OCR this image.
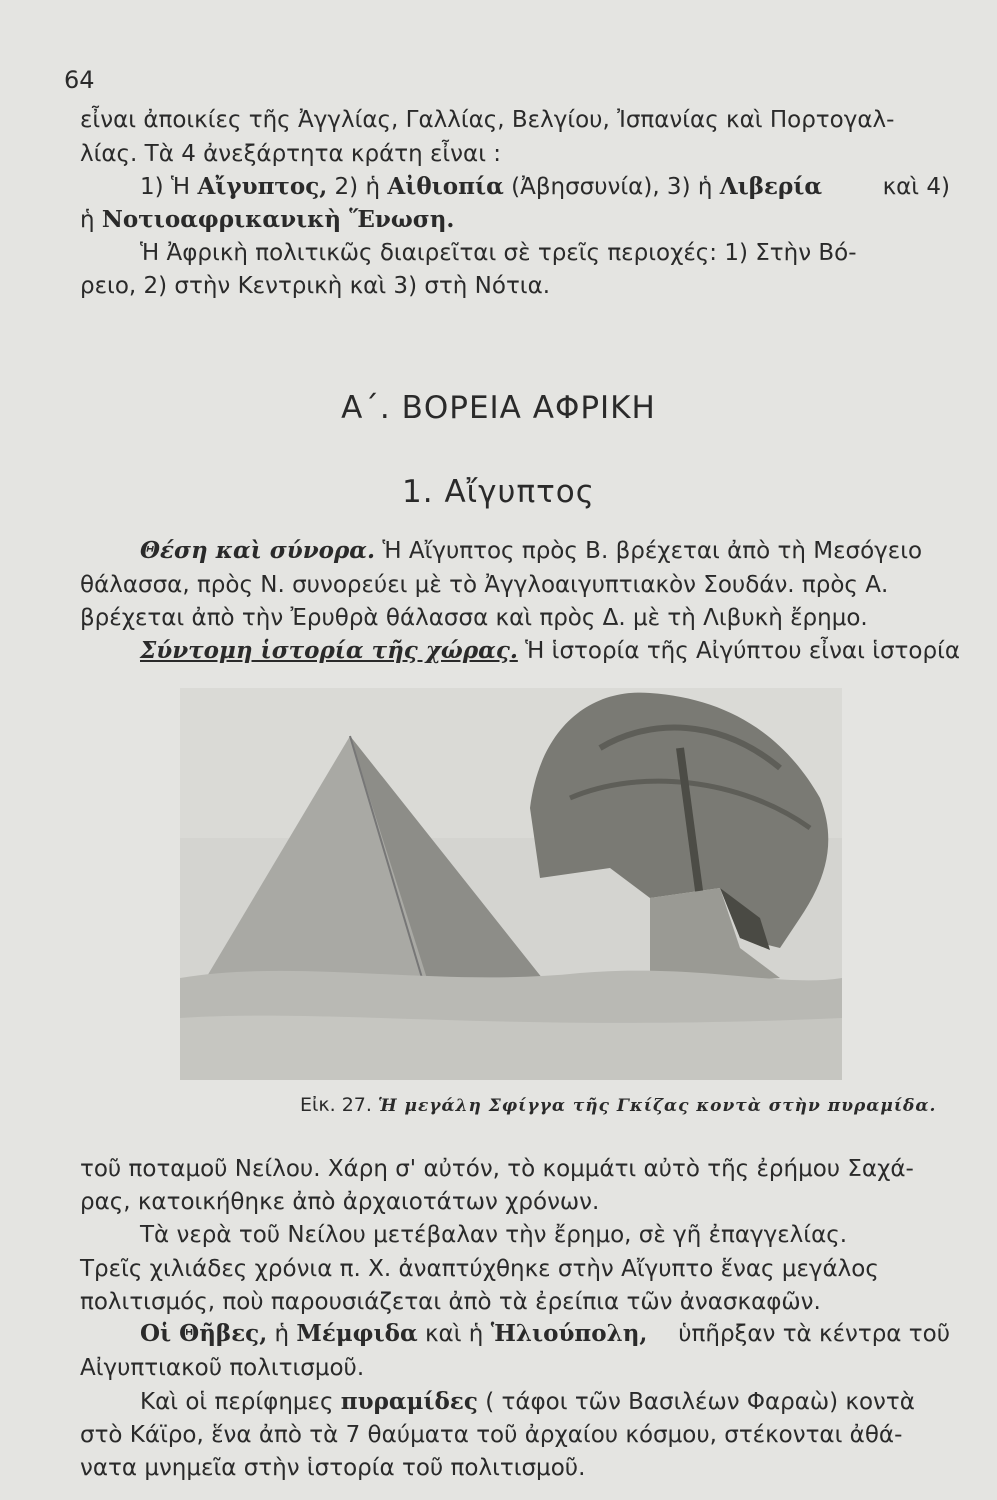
64
εἶναι ἀποικίες τῆς Ἀγγλίας, Γαλλίας, Βελγίου, Ἰσπανίας καὶ Πορτογαλ-
λίας. Τὰ 4 ἀνεξάρτητα κράτη εἶναι :
1) Ἡ Αἴγυπτος, 2) ἡ Αἰθιοπία (Ἀβησσυνία), 3) ἡ Λιβερία	καὶ 4)
ἡ Νοτιοαφρικανικὴ Ἕνωση.
Ἡ Ἀφρικὴ πολιτικῶς διαιρεῖται σὲ τρεῖς περιοχές: 1) Στὴν Βό-
ρειο, 2) στὴν Κεντρικὴ καὶ 3) στὴ Νότια.
Α΄. ΒΟΡΕΙΑ ΑΦΡΙΚΗ
1. Αἴγυπτος
Θέση καὶ σύνορα. Ἡ Αἴγυπτος πρὸς Β. βρέχεται ἀπὸ τὴ Μεσόγειο
θάλασσα, πρὸς Ν. συνορεύει μὲ τὸ Ἀγγλοαιγυπτιακὸν Σουδάν. πρὸς Α.
βρέχεται ἀπὸ τὴν Ἐρυθρὰ θάλασσα καὶ πρὸς Δ. μὲ τὴ Λιβυκὴ ἔρημο.
Σύντομη ἱστορία τῆς χώρας. Ἡ ἱστορία τῆς Αἰγύπτου εἶναι ἱστορία
Εἰκ. 27. Ἡ μεγάλη Σφίγγα τῆς Γκίζας κοντὰ στὴν πυραμίδα.
τοῦ ποταμοῦ Νείλου. Χάρη σ' αὐτόν, τὸ κομμάτι αὐτὸ τῆς ἐρήμου Σαχά-
ρας, κατοικήθηκε ἀπὸ ἀρχαιοτάτων χρόνων.
Τὰ νερὰ τοῦ Νείλου μετέβαλαν τὴν ἔρημο, σὲ γῆ ἐπαγγελίας.
Τρεῖς χιλιάδες χρόνια π. Χ. ἀναπτύχθηκε στὴν Αἴγυπτο ἕνας μεγάλος
πολιτισμός, ποὺ παρουσιάζεται ἀπὸ τὰ ἐρείπια τῶν ἀνασκαφῶν.
Οἱ Θῆβες, ἡ Μέμφιδα καὶ ἡ Ἡλιούπολη, ὑπῆρξαν τὰ κέντρα τοῦ
Αἰγυπτιακοῦ πολιτισμοῦ.
Καὶ οἱ περίφημες πυραμίδες ( τάφοι τῶν Βασιλέων Φαραὼ) κοντὰ
στὸ Κάϊρο, ἕνα ἀπὸ τὰ 7 θαύματα τοῦ ἀρχαίου κόσμου, στέκονται ἀθά-
νατα μνημεῖα στὴν ἱστορία τοῦ πολιτισμοῦ.
